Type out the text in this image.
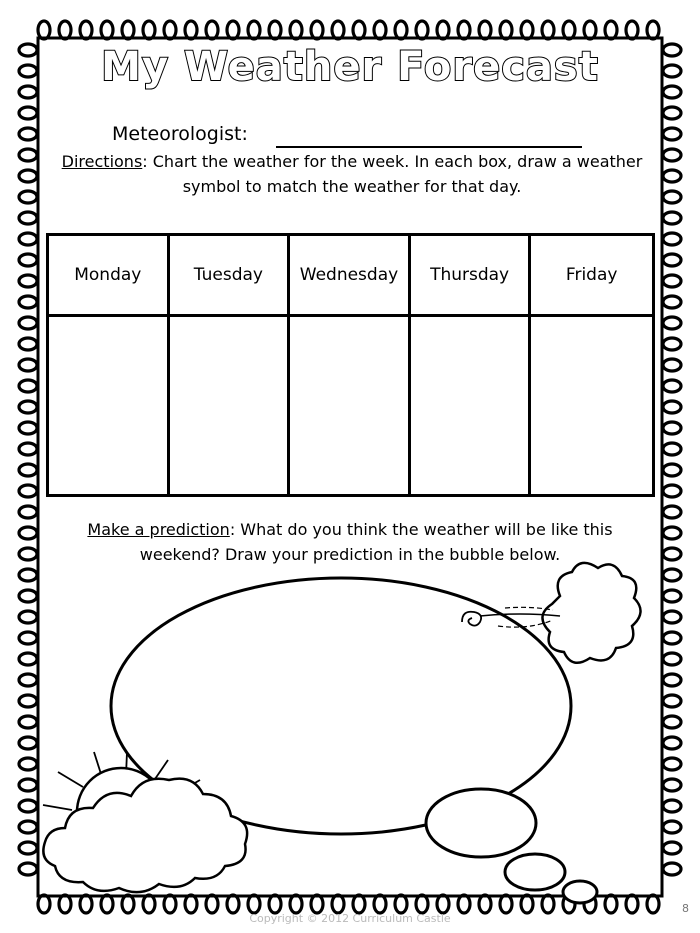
My Weather Forecast
Meteorologist:
Directions: Chart the weather for the week. In each box, draw a weather symbol to match the weather for that day.
Monday	Tuesday	Wednesday	Thursday	Friday
Make a prediction: What do you think the weather will be like this weekend? Draw your prediction in the bubble below.
Copyright © 2012 Curriculum Castle
8
